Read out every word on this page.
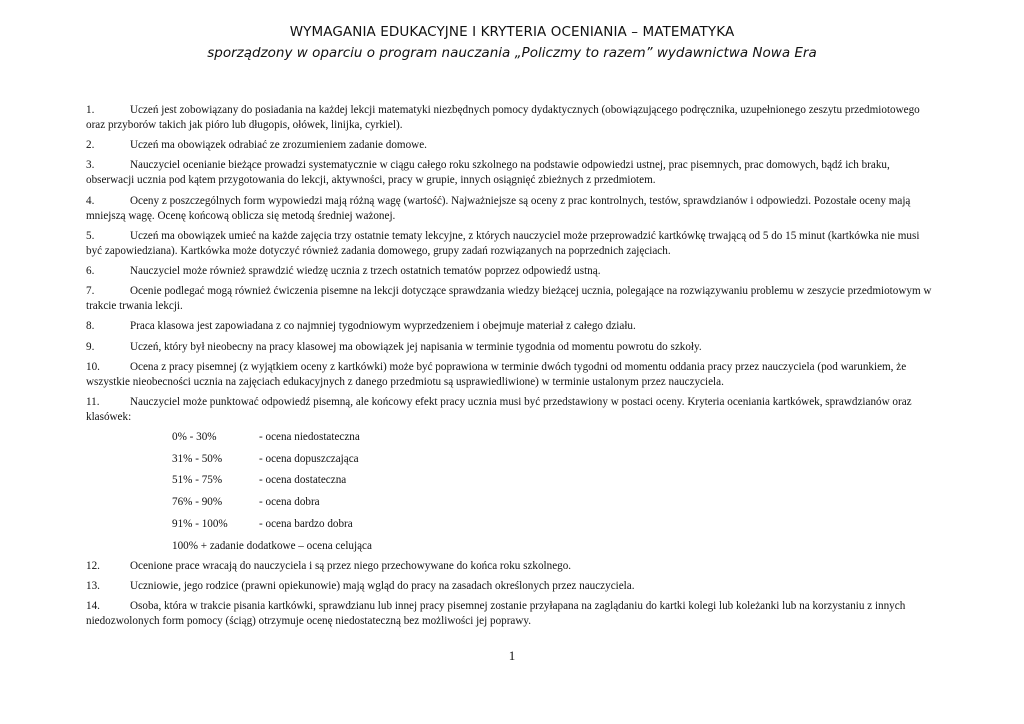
WYMAGANIA EDUKACYJNE I KRYTERIA OCENIANIA – MATEMATYKA
sporządzony w oparciu o program nauczania „Policzmy to razem” wydawnictwa Nowa Era

1.	Uczeń jest zobowiązany do posiadania na każdej lekcji matematyki niezbędnych pomocy dydaktycznych (obowiązującego podręcznika, uzupełnionego zeszytu przedmiotowego oraz przyborów takich jak pióro lub długopis, ołówek, linijka, cyrkiel).

2.	Uczeń ma obowiązek odrabiać ze zrozumieniem zadanie domowe.

3.	Nauczyciel ocenianie bieżące prowadzi systematycznie w ciągu całego roku szkolnego na podstawie odpowiedzi ustnej, prac pisemnych, prac domowych, bądź ich braku, obserwacji ucznia pod kątem przygotowania do lekcji, aktywności, pracy w grupie, innych osiągnięć zbieżnych z przedmiotem.

4.	Oceny z poszczególnych form wypowiedzi mają różną wagę (wartość). Najważniejsze są oceny z prac kontrolnych, testów, sprawdzianów i odpowiedzi. Pozostałe oceny mają mniejszą wagę. Ocenę końcową oblicza się metodą średniej ważonej.

5.	Uczeń ma obowiązek umieć na każde zajęcia trzy ostatnie tematy lekcyjne, z których nauczyciel może przeprowadzić kartkówkę trwającą od 5 do 15 minut (kartkówka nie musi być zapowiedziana). Kartkówka może dotyczyć również zadania domowego, grupy zadań rozwiązanych na poprzednich zajęciach.

6.	Nauczyciel może również sprawdzić wiedzę ucznia z trzech ostatnich tematów poprzez odpowiedź ustną.

7.	Ocenie podlegać mogą również ćwiczenia pisemne na lekcji dotyczące sprawdzania wiedzy bieżącej ucznia, polegające na rozwiązywaniu problemu w zeszycie przedmiotowym w trakcie trwania lekcji.

8.	Praca klasowa jest zapowiadana z co najmniej tygodniowym wyprzedzeniem i obejmuje materiał z całego działu.

9.	Uczeń, który był nieobecny na pracy klasowej ma obowiązek jej napisania w terminie tygodnia od momentu powrotu do szkoły.

10.	Ocena z pracy pisemnej (z wyjątkiem oceny z kartkówki) może być poprawiona w terminie dwóch tygodni od momentu oddania pracy przez nauczyciela (pod warunkiem, że wszystkie nieobecności ucznia na zajęciach edukacyjnych z danego przedmiotu są usprawiedliwione) w terminie ustalonym przez nauczyciela.

11.	Nauczyciel może punktować odpowiedź pisemną, ale końcowy efekt pracy ucznia musi być przedstawiony w postaci oceny. Kryteria oceniania kartkówek, sprawdzianów oraz klasówek:

0% - 30%	- ocena niedostateczna
31% - 50%	- ocena dopuszczająca
51% - 75%	- ocena dostateczna
76% - 90%	- ocena dobra
91% - 100%	- ocena bardzo dobra
100% + zadanie dodatkowe – ocena celująca

12.	Ocenione prace wracają do nauczyciela i są przez niego przechowywane do końca roku szkolnego.

13.	Uczniowie, jego rodzice (prawni opiekunowie) mają wgląd do pracy na zasadach określonych przez nauczyciela.

14.	Osoba, która w trakcie pisania kartkówki, sprawdzianu lub innej pracy pisemnej zostanie przyłapana na zaglądaniu do kartki kolegi lub koleżanki lub na korzystaniu z innych niedozwolonych form pomocy (ściąg) otrzymuje ocenę niedostateczną bez możliwości jej poprawy.

1
